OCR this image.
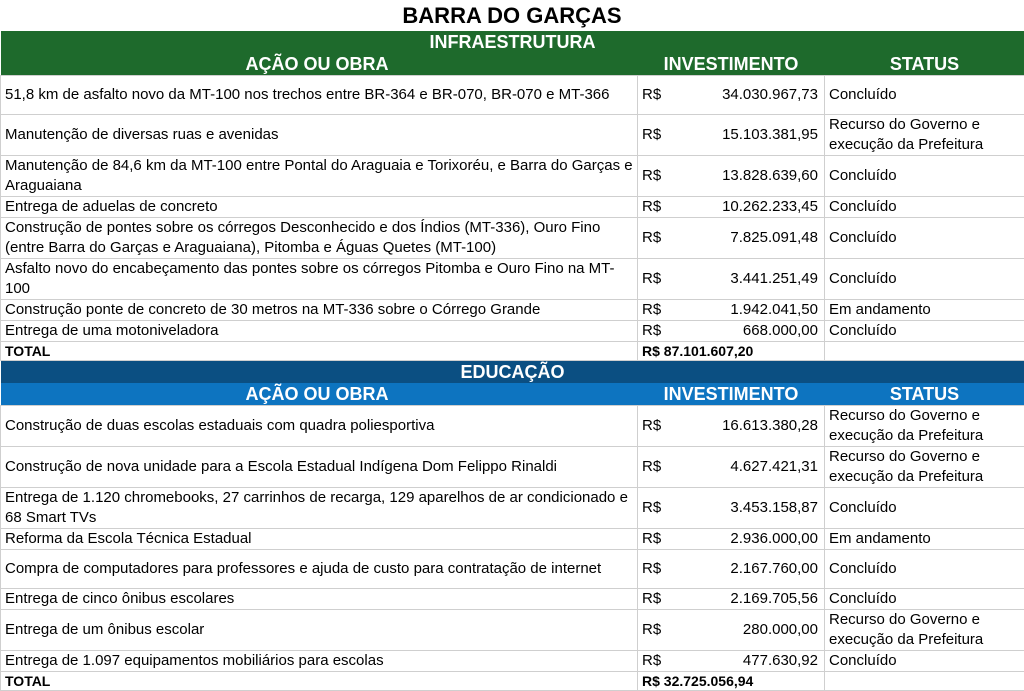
BARRA DO GARÇAS
INFRAESTRUTURA			
AÇÃO OU OBRA	INVESTIMENTO		STATUS
51,8 km de asfalto novo da MT-100 nos trechos entre BR-364 e BR-070, BR-070 e MT-366	R$	34.030.967,73	Concluído
Manutenção de diversas ruas e avenidas	R$	15.103.381,95	Recurso do Governo e execução da Prefeitura
Manutenção de 84,6 km da MT-100 entre Pontal do Araguaia e Torixoréu, e Barra do Garças e Araguaiana	R$	13.828.639,60	Concluído
Entrega de aduelas de concreto	R$	10.262.233,45	Concluído
Construção de pontes sobre os córregos Desconhecido e dos Índios (MT-336), Ouro Fino (entre Barra do Garças e Araguaiana), Pitomba e Águas Quetes (MT-100)	R$	7.825.091,48	Concluído
Asfalto novo do encabeçamento das pontes sobre os córregos Pitomba e Ouro Fino na MT-100	R$	3.441.251,49	Concluído
Construção ponte de concreto de 30 metros na MT-336 sobre o Córrego Grande	R$	1.942.041,50	Em andamento
Entrega de uma motoniveladora	R$	668.000,00	Concluído
TOTAL	R$ 87.101.607,20		
EDUCAÇÃO			
AÇÃO OU OBRA	INVESTIMENTO		STATUS
Construção de duas escolas estaduais com quadra poliesportiva	R$	16.613.380,28	Recurso do Governo e execução da Prefeitura
Construção de nova unidade para a Escola Estadual Indígena Dom Felippo Rinaldi	R$	4.627.421,31	Recurso do Governo e execução da Prefeitura
Entrega de 1.120 chromebooks, 27 carrinhos de recarga, 129 aparelhos de ar condicionado e 68 Smart TVs	R$	3.453.158,87	Concluído
Reforma da Escola Técnica Estadual	R$	2.936.000,00	Em andamento
Compra de computadores para professores e ajuda de custo para contratação de internet	R$	2.167.760,00	Concluído
Entrega de cinco ônibus escolares	R$	2.169.705,56	Concluído
Entrega de um ônibus escolar	R$	280.000,00	Recurso do Governo e execução da Prefeitura
Entrega de 1.097 equipamentos mobiliários para escolas	R$	477.630,92	Concluído
TOTAL	R$ 32.725.056,94		
